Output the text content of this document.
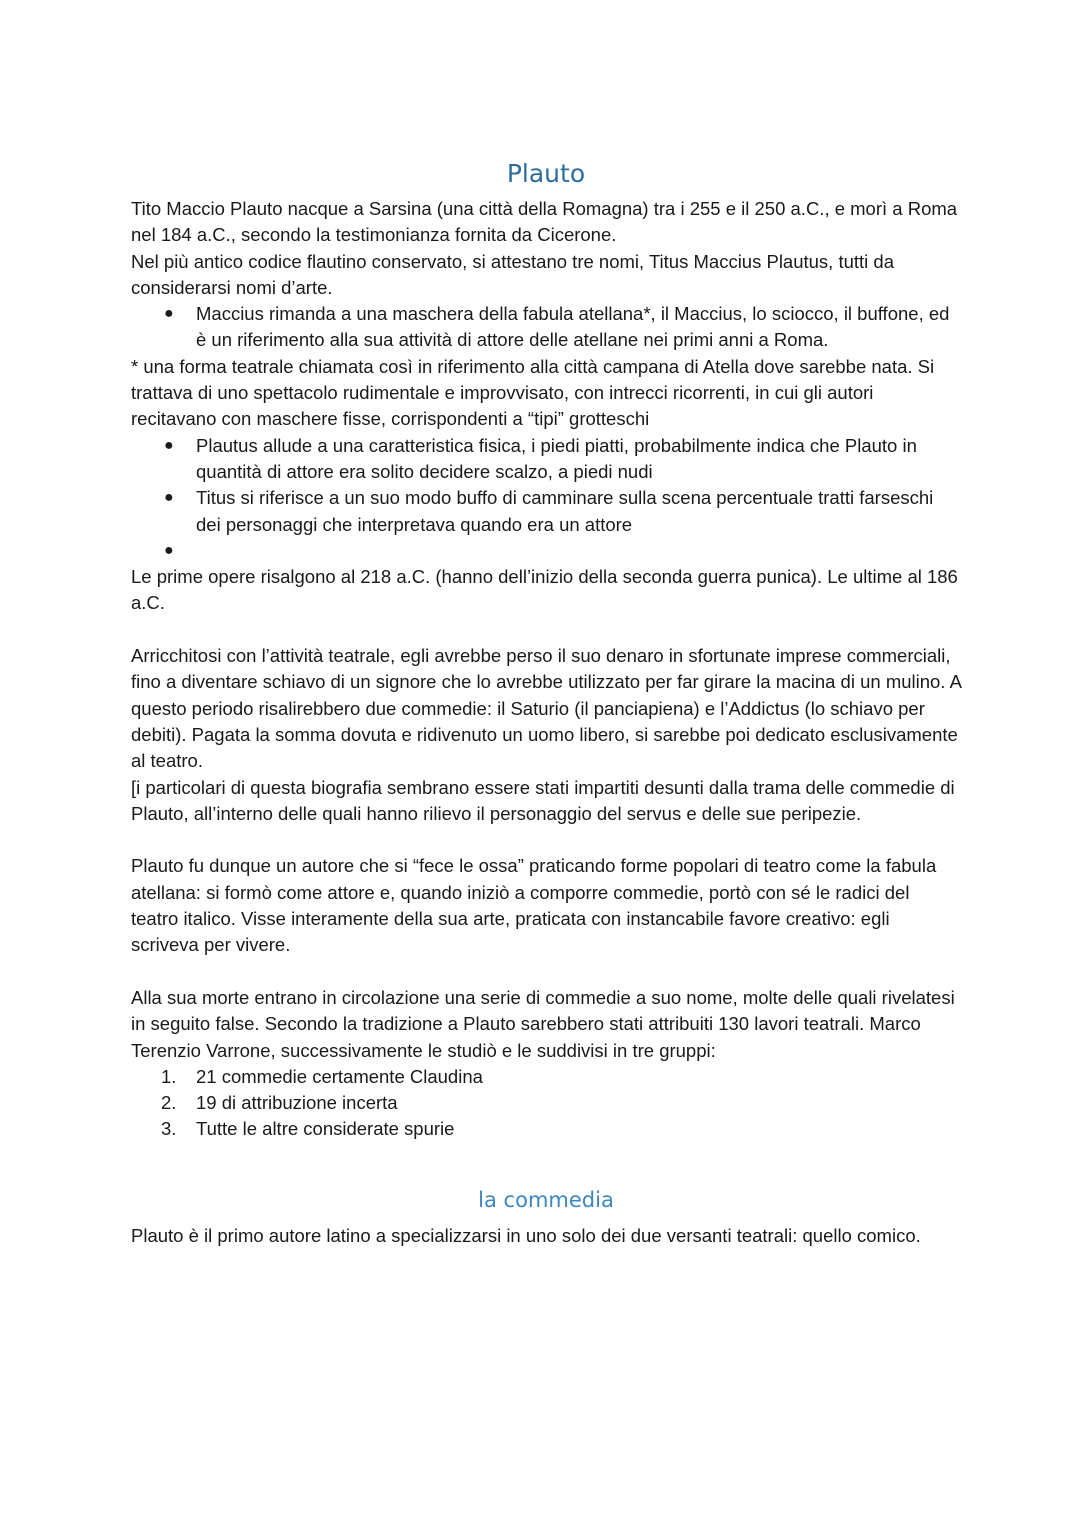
Plauto

Tito Maccio Plauto nacque a Sarsina (una città della Romagna) tra i 255 e il 250 a.C., e morì a Roma nel 184 a.C., secondo la testimonianza fornita da Cicerone.

Nel più antico codice flautino conservato, si attestano tre nomi, Titus Maccius Plautus, tutti da considerarsi nomi d’arte.

● Maccius rimanda a una maschera della fabula atellana*, il Maccius, lo sciocco, il buffone, ed è un riferimento alla sua attività di attore delle atellane nei primi anni a Roma.

* una forma teatrale chiamata così in riferimento alla città campana di Atella dove sarebbe nata. Si trattava di uno spettacolo rudimentale e improvvisato, con intrecci ricorrenti, in cui gli autori recitavano con maschere fisse, corrispondenti a “tipi” grotteschi

● Plautus allude a una caratteristica fisica, i piedi piatti, probabilmente indica che Plauto in quantità di attore era solito decidere scalzo, a piedi nudi
● Titus si riferisce a un suo modo buffo di camminare sulla scena percentuale tratti farseschi dei personaggi che interpretava quando era un attore
●

Le prime opere risalgono al 218 a.C. (hanno dell’inizio della seconda guerra punica). Le ultime al 186 a.C.

Arricchitosi con l’attività teatrale, egli avrebbe perso il suo denaro in sfortunate imprese commerciali, fino a diventare schiavo di un signore che lo avrebbe utilizzato per far girare la macina di un mulino. A questo periodo risalirebbero due commedie: il Saturio (il panciapiena) e l’Addictus (lo schiavo per debiti). Pagata la somma dovuta e ridivenuto un uomo libero, si sarebbe poi dedicato esclusivamente al teatro.

[i particolari di questa biografia sembrano essere stati impartiti desunti dalla trama delle commedie di Plauto, all’interno delle quali hanno rilievo il personaggio del servus e delle sue peripezie.

Plauto fu dunque un autore che si “fece le ossa” praticando forme popolari di teatro come la fabula atellana: si formò come attore e, quando iniziò a comporre commedie, portò con sé le radici del teatro italico. Visse interamente della sua arte, praticata con instancabile favore creativo: egli scriveva per vivere.

Alla sua morte entrano in circolazione una serie di commedie a suo nome, molte delle quali rivelatesi in seguito false. Secondo la tradizione a Plauto sarebbero stati attribuiti 130 lavori teatrali. Marco Terenzio Varrone, successivamente le studiò e le suddivisi in tre gruppi:

1. 21 commedie certamente Claudina
2. 19 di attribuzione incerta
3. Tutte le altre considerate spurie
la commedia

Plauto è il primo autore latino a specializzarsi in uno solo dei due versanti teatrali: quello comico.
